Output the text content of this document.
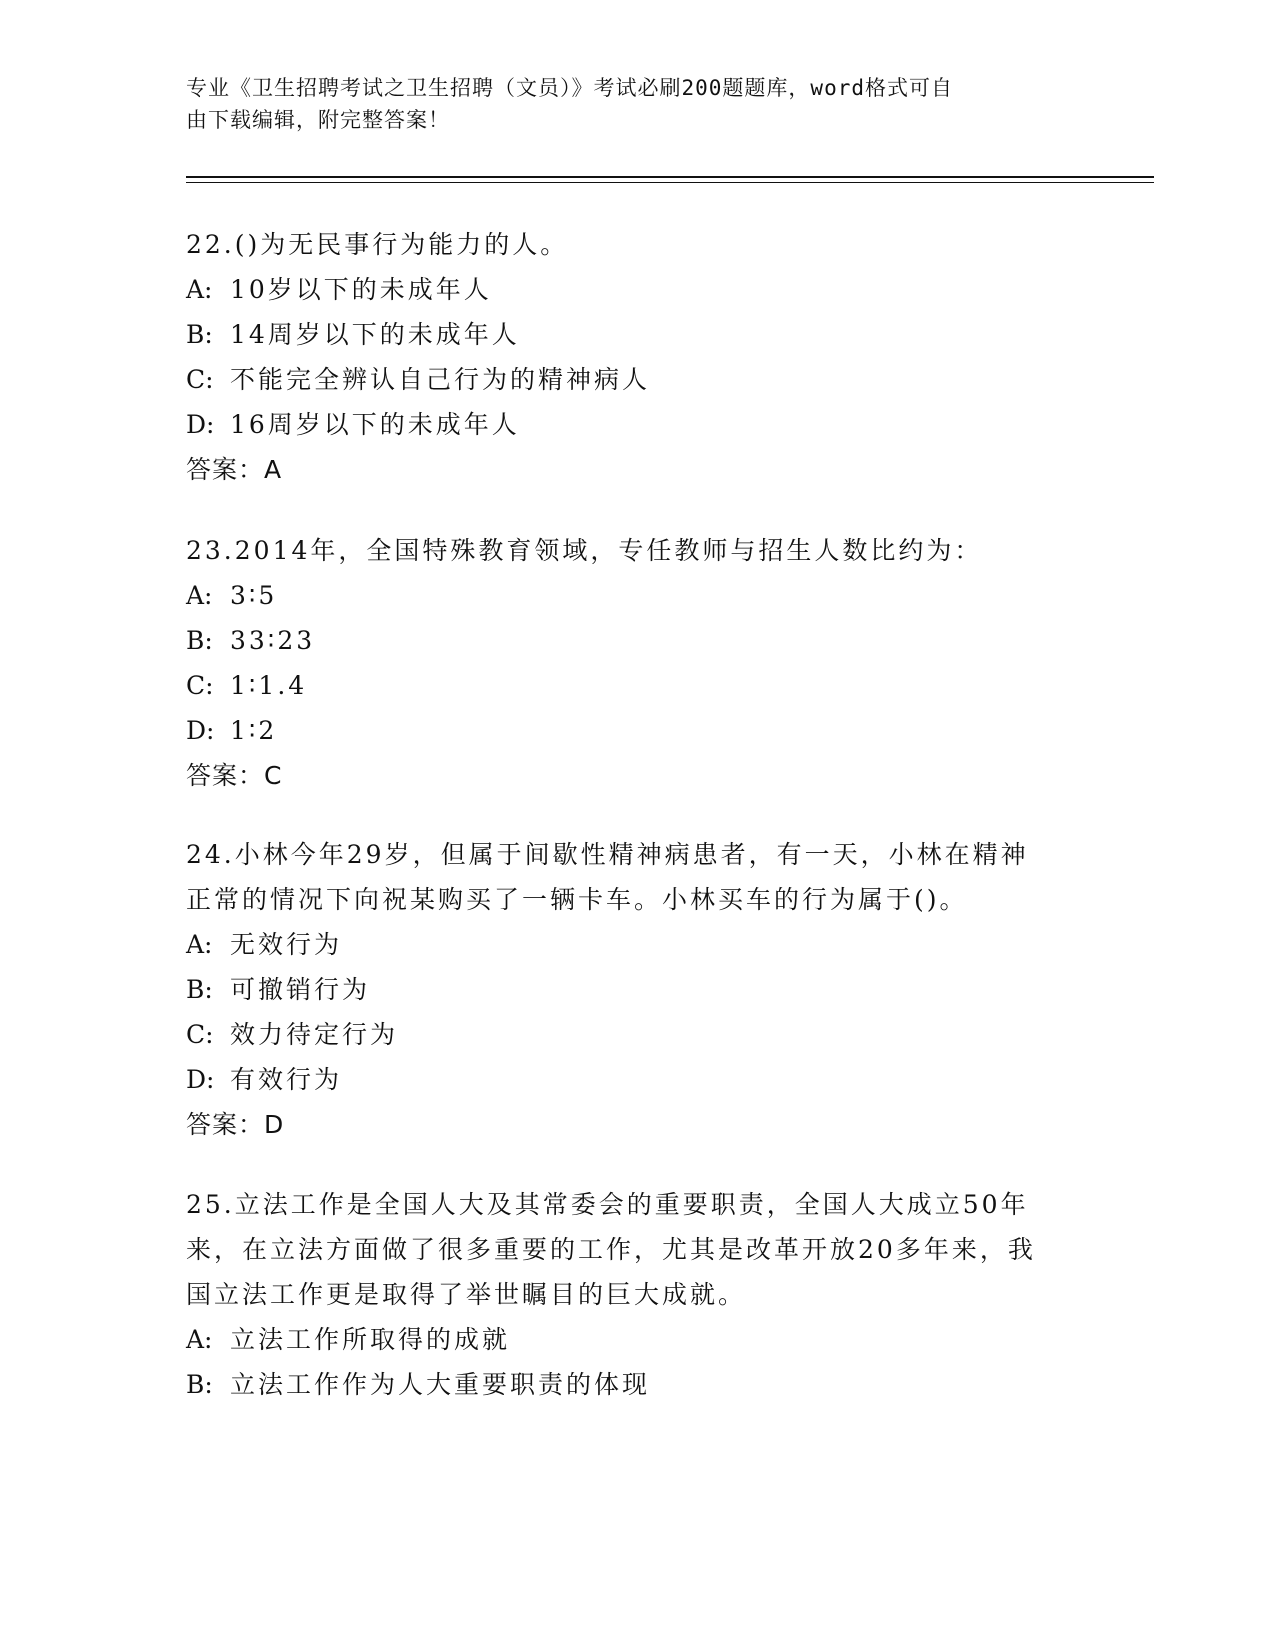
专业《卫生招聘考试之卫生招聘（文员）》考试必刷200题题库，word格式可自
由下载编辑，附完整答案！
22.()为无民事行为能力的人。
A: 10岁以下的未成年人
B: 14周岁以下的未成年人
C: 不能完全辨认自己行为的精神病人
D: 16周岁以下的未成年人
答案：A
23.2014年，全国特殊教育领域，专任教师与招生人数比约为：
A: 3∶5
B: 33∶23
C: 1∶1.4
D: 1∶2
答案：C
24.小林今年29岁，但属于间歇性精神病患者，有一天，小林在精神
正常的情况下向祝某购买了一辆卡车。小林买车的行为属于()。
A: 无效行为
B: 可撤销行为
C: 效力待定行为
D: 有效行为
答案：D
25.立法工作是全国人大及其常委会的重要职责，全国人大成立50年
来，在立法方面做了很多重要的工作，尤其是改革开放20多年来，我
国立法工作更是取得了举世瞩目的巨大成就。
A: 立法工作所取得的成就
B: 立法工作作为人大重要职责的体现
